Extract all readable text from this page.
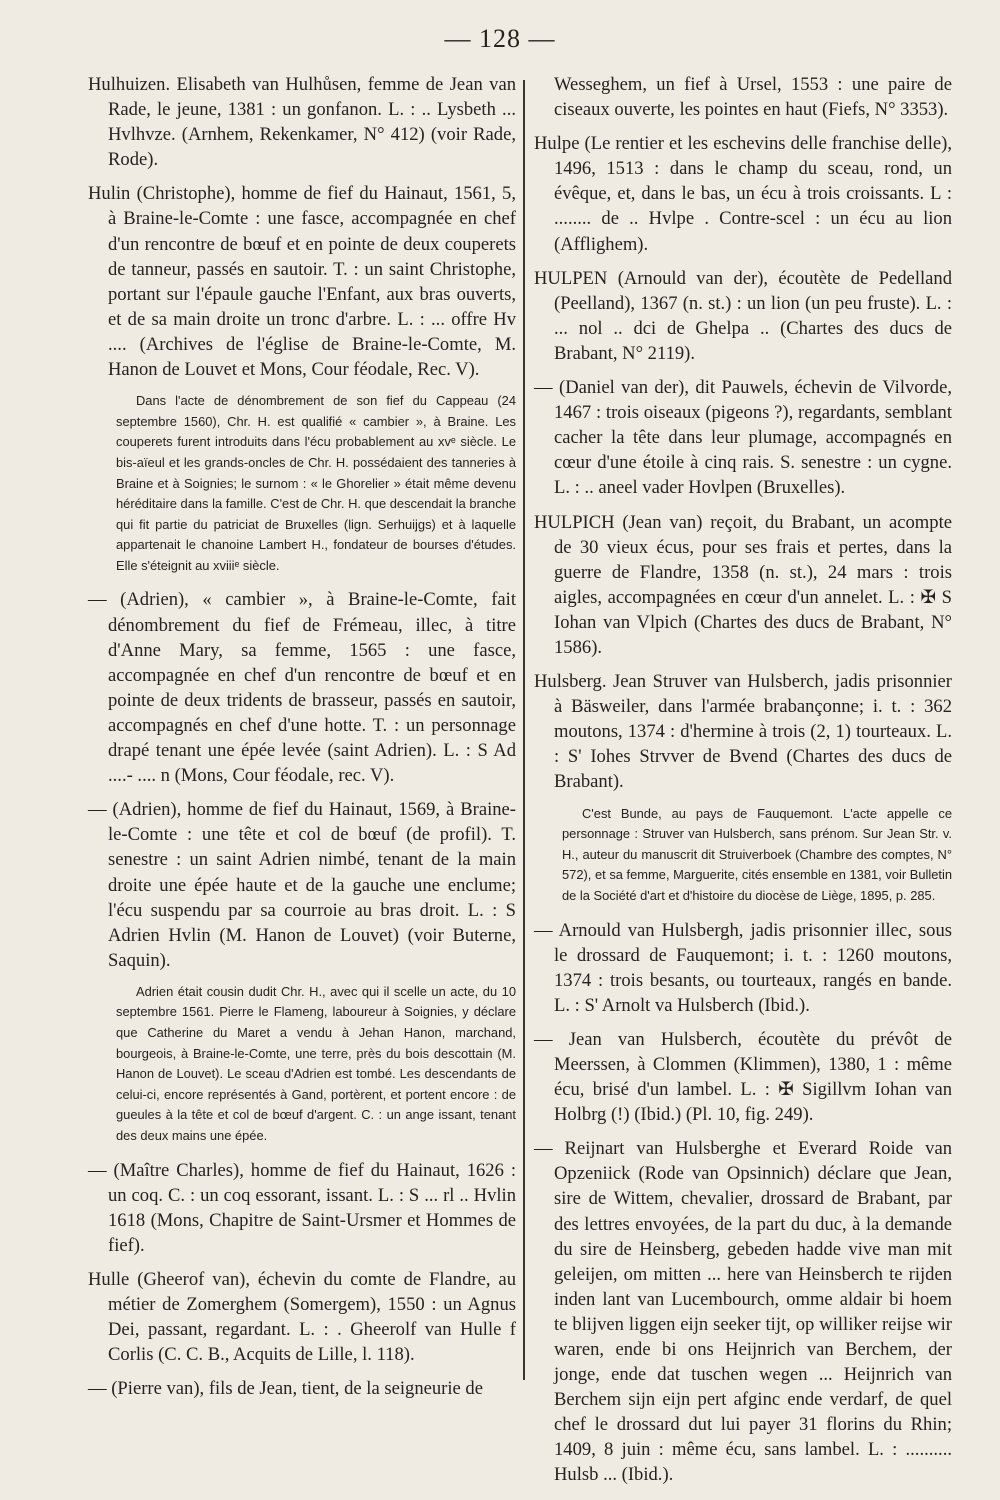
— 128 —

Hulhuizen. Elisabeth van Hulhůsen, femme de Jean van Rade, le jeune, 1381 : un gonfanon. L. : .. Lysbeth ... Hvlhvze. (Arnhem, Rekenkamer, N° 412) (voir Rade, Rode).

Hulin (Christophe), homme de fief du Hainaut, 1561, 5, à Braine-le-Comte : une fasce, accompagnée en chef d'un rencontre de bœuf et en pointe de deux couperets de tanneur, passés en sautoir. T. : un saint Christophe, portant sur l'épaule gauche l'Enfant, aux bras ouverts, et de sa main droite un tronc d'arbre. L. : ... offre Hv .... (Archives de l'église de Braine-le-Comte, M. Hanon de Louvet et Mons, Cour féodale, Rec. V).

Dans l'acte de dénombrement de son fief du Cappeau (24 septembre 1560), Chr. H. est qualifié « cambier », à Braine. Les couperets furent introduits dans l'écu probablement au xvᵉ siècle. Le bis-aïeul et les grands-oncles de Chr. H. possédaient des tanneries à Braine et à Soignies; le surnom : « le Ghorelier » était même devenu héréditaire dans la famille. C'est de Chr. H. que descendait la branche qui fit partie du patriciat de Bruxelles (lign. Serhuijgs) et à laquelle appartenait le chanoine Lambert H., fondateur de bourses d'études. Elle s'éteignit au xviiiᵉ siècle.

— (Adrien), « cambier », à Braine-le-Comte, fait dénombrement du fief de Frémeau, illec, à titre d'Anne Mary, sa femme, 1565 : une fasce, accompagnée en chef d'un rencontre de bœuf et en pointe de deux tridents de brasseur, passés en sautoir, accompagnés en chef d'une hotte. T. : un personnage drapé tenant une épée levée (saint Adrien). L. : S Ad ....- .... n (Mons, Cour féodale, rec. V).

— (Adrien), homme de fief du Hainaut, 1569, à Braine-le-Comte : une tête et col de bœuf (de profil). T. senestre : un saint Adrien nimbé, tenant de la main droite une épée haute et de la gauche une enclume; l'écu suspendu par sa courroie au bras droit. L. : S Adrien Hvlin (M. Hanon de Louvet) (voir Buterne, Saquin).

Adrien était cousin dudit Chr. H., avec qui il scelle un acte, du 10 septembre 1561. Pierre le Flameng, laboureur à Soignies, y déclare que Catherine du Maret a vendu à Jehan Hanon, marchand, bourgeois, à Braine-le-Comte, une terre, près du bois descottain (M. Hanon de Louvet). Le sceau d'Adrien est tombé. Les descendants de celui-ci, encore représentés à Gand, portèrent, et portent encore : de gueules à la tête et col de bœuf d'argent. C. : un ange issant, tenant des deux mains une épée.

— (Maître Charles), homme de fief du Hainaut, 1626 : un coq. C. : un coq essorant, issant. L. : S ... rl .. Hvlin 1618 (Mons, Chapitre de Saint-Ursmer et Hommes de fief).

Hulle (Gheerof van), échevin du comte de Flandre, au métier de Zomerghem (Somergem), 1550 : un Agnus Dei, passant, regardant. L. : . Gheerolf van Hulle f Corlis (C. C. B., Acquits de Lille, l. 118).

— (Pierre van), fils de Jean, tient, de la seigneurie de

Wesseghem, un fief à Ursel, 1553 : une paire de ciseaux ouverte, les pointes en haut (Fiefs, N° 3353).

Hulpe (Le rentier et les eschevins delle franchise delle), 1496, 1513 : dans le champ du sceau, rond, un évêque, et, dans le bas, un écu à trois croissants. L : ........ de .. Hvlpe . Contre-scel : un écu au lion (Afflighem).

HULPEN (Arnould van der), écoutète de Pedelland (Peelland), 1367 (n. st.) : un lion (un peu fruste). L. : ... nol .. dci de Ghelpa .. (Chartes des ducs de Brabant, N° 2119).

— (Daniel van der), dit Pauwels, échevin de Vilvorde, 1467 : trois oiseaux (pigeons ?), regardants, semblant cacher la tête dans leur plumage, accompagnés en cœur d'une étoile à cinq rais. S. senestre : un cygne. L. : .. aneel vader Hovlpen (Bruxelles).

HULPICH (Jean van) reçoit, du Brabant, un acompte de 30 vieux écus, pour ses frais et pertes, dans la guerre de Flandre, 1358 (n. st.), 24 mars : trois aigles, accompagnées en cœur d'un annelet. L. : ✠ S Iohan van Vlpich (Chartes des ducs de Brabant, N° 1586).

Hulsberg. Jean Struver van Hulsberch, jadis prisonnier à Bäsweiler, dans l'armée brabançonne; i. t. : 362 moutons, 1374 : d'hermine à trois (2, 1) tourteaux. L. : S' Iohes Strvver de Bvend (Chartes des ducs de Brabant).

C'est Bunde, au pays de Fauquemont. L'acte appelle ce personnage : Struver van Hulsberch, sans prénom. Sur Jean Str. v. H., auteur du manuscrit dit Struiverboek (Chambre des comptes, N° 572), et sa femme, Marguerite, cités ensemble en 1381, voir Bulletin de la Société d'art et d'histoire du diocèse de Liège, 1895, p. 285.

— Arnould van Hulsbergh, jadis prisonnier illec, sous le drossard de Fauquemont; i. t. : 1260 moutons, 1374 : trois besants, ou tourteaux, rangés en bande. L. : S' Arnolt va Hulsberch (Ibid.).

— Jean van Hulsberch, écoutète du prévôt de Meerssen, à Clommen (Klimmen), 1380, 1 : même écu, brisé d'un lambel. L. : ✠ Sigillvm Iohan van Holbrg (!) (Ibid.) (Pl. 10, fig. 249).

— Reijnart van Hulsberghe et Everard Roide van Opzeniick (Rode van Opsinnich) déclare que Jean, sire de Wittem, chevalier, drossard de Brabant, par des lettres envoyées, de la part du duc, à la demande du sire de Heinsberg, gebeden hadde vive man mit geleijen, om mitten ... here van Heinsberch te rijden inden lant van Lucembourch, omme aldair bi hoem te blijven liggen eijn seeker tijt, op williker reijse wir waren, ende bi ons Heijnrich van Berchem, der jonge, ende dat tuschen wegen ... Heijnrich van Berchem sijn eijn pert afginc ende verdarf, de quel chef le drossard dut lui payer 31 florins du Rhin; 1409, 8 juin : même écu, sans lambel. L. : .......... Hulsb ... (Ibid.).
